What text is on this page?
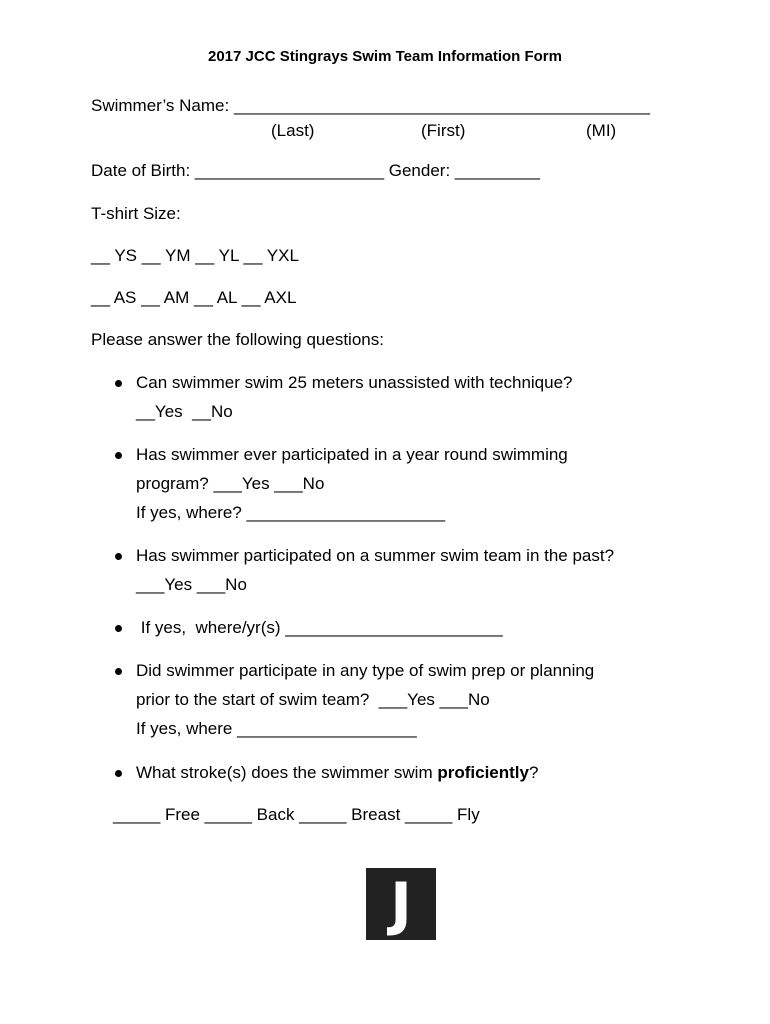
2017 JCC Stingrays Swim Team Information Form
Swimmer’s Name: ____________________________________________
(Last)	(First)	(MI)
Date of Birth: ____________________ Gender: _________
T-shirt Size:
__ YS __ YM __ YL __ YXL
__ AS __ AM __ AL __ AXL
Please answer the following questions:
Can swimmer swim 25 meters unassisted with technique?
__Yes  __No
Has swimmer ever participated in a year round swimming
program? ___Yes ___No
If yes, where? _____________________
Has swimmer participated on a summer swim team in the past?
___Yes ___No
If yes,  where/yr(s) _______________________
Did swimmer participate in any type of swim prep or planning
prior to the start of swim team?  ___Yes ___No
If yes, where ___________________
What stroke(s) does the swimmer swim proficiently?
_____ Free _____ Back _____ Breast _____ Fly
J
